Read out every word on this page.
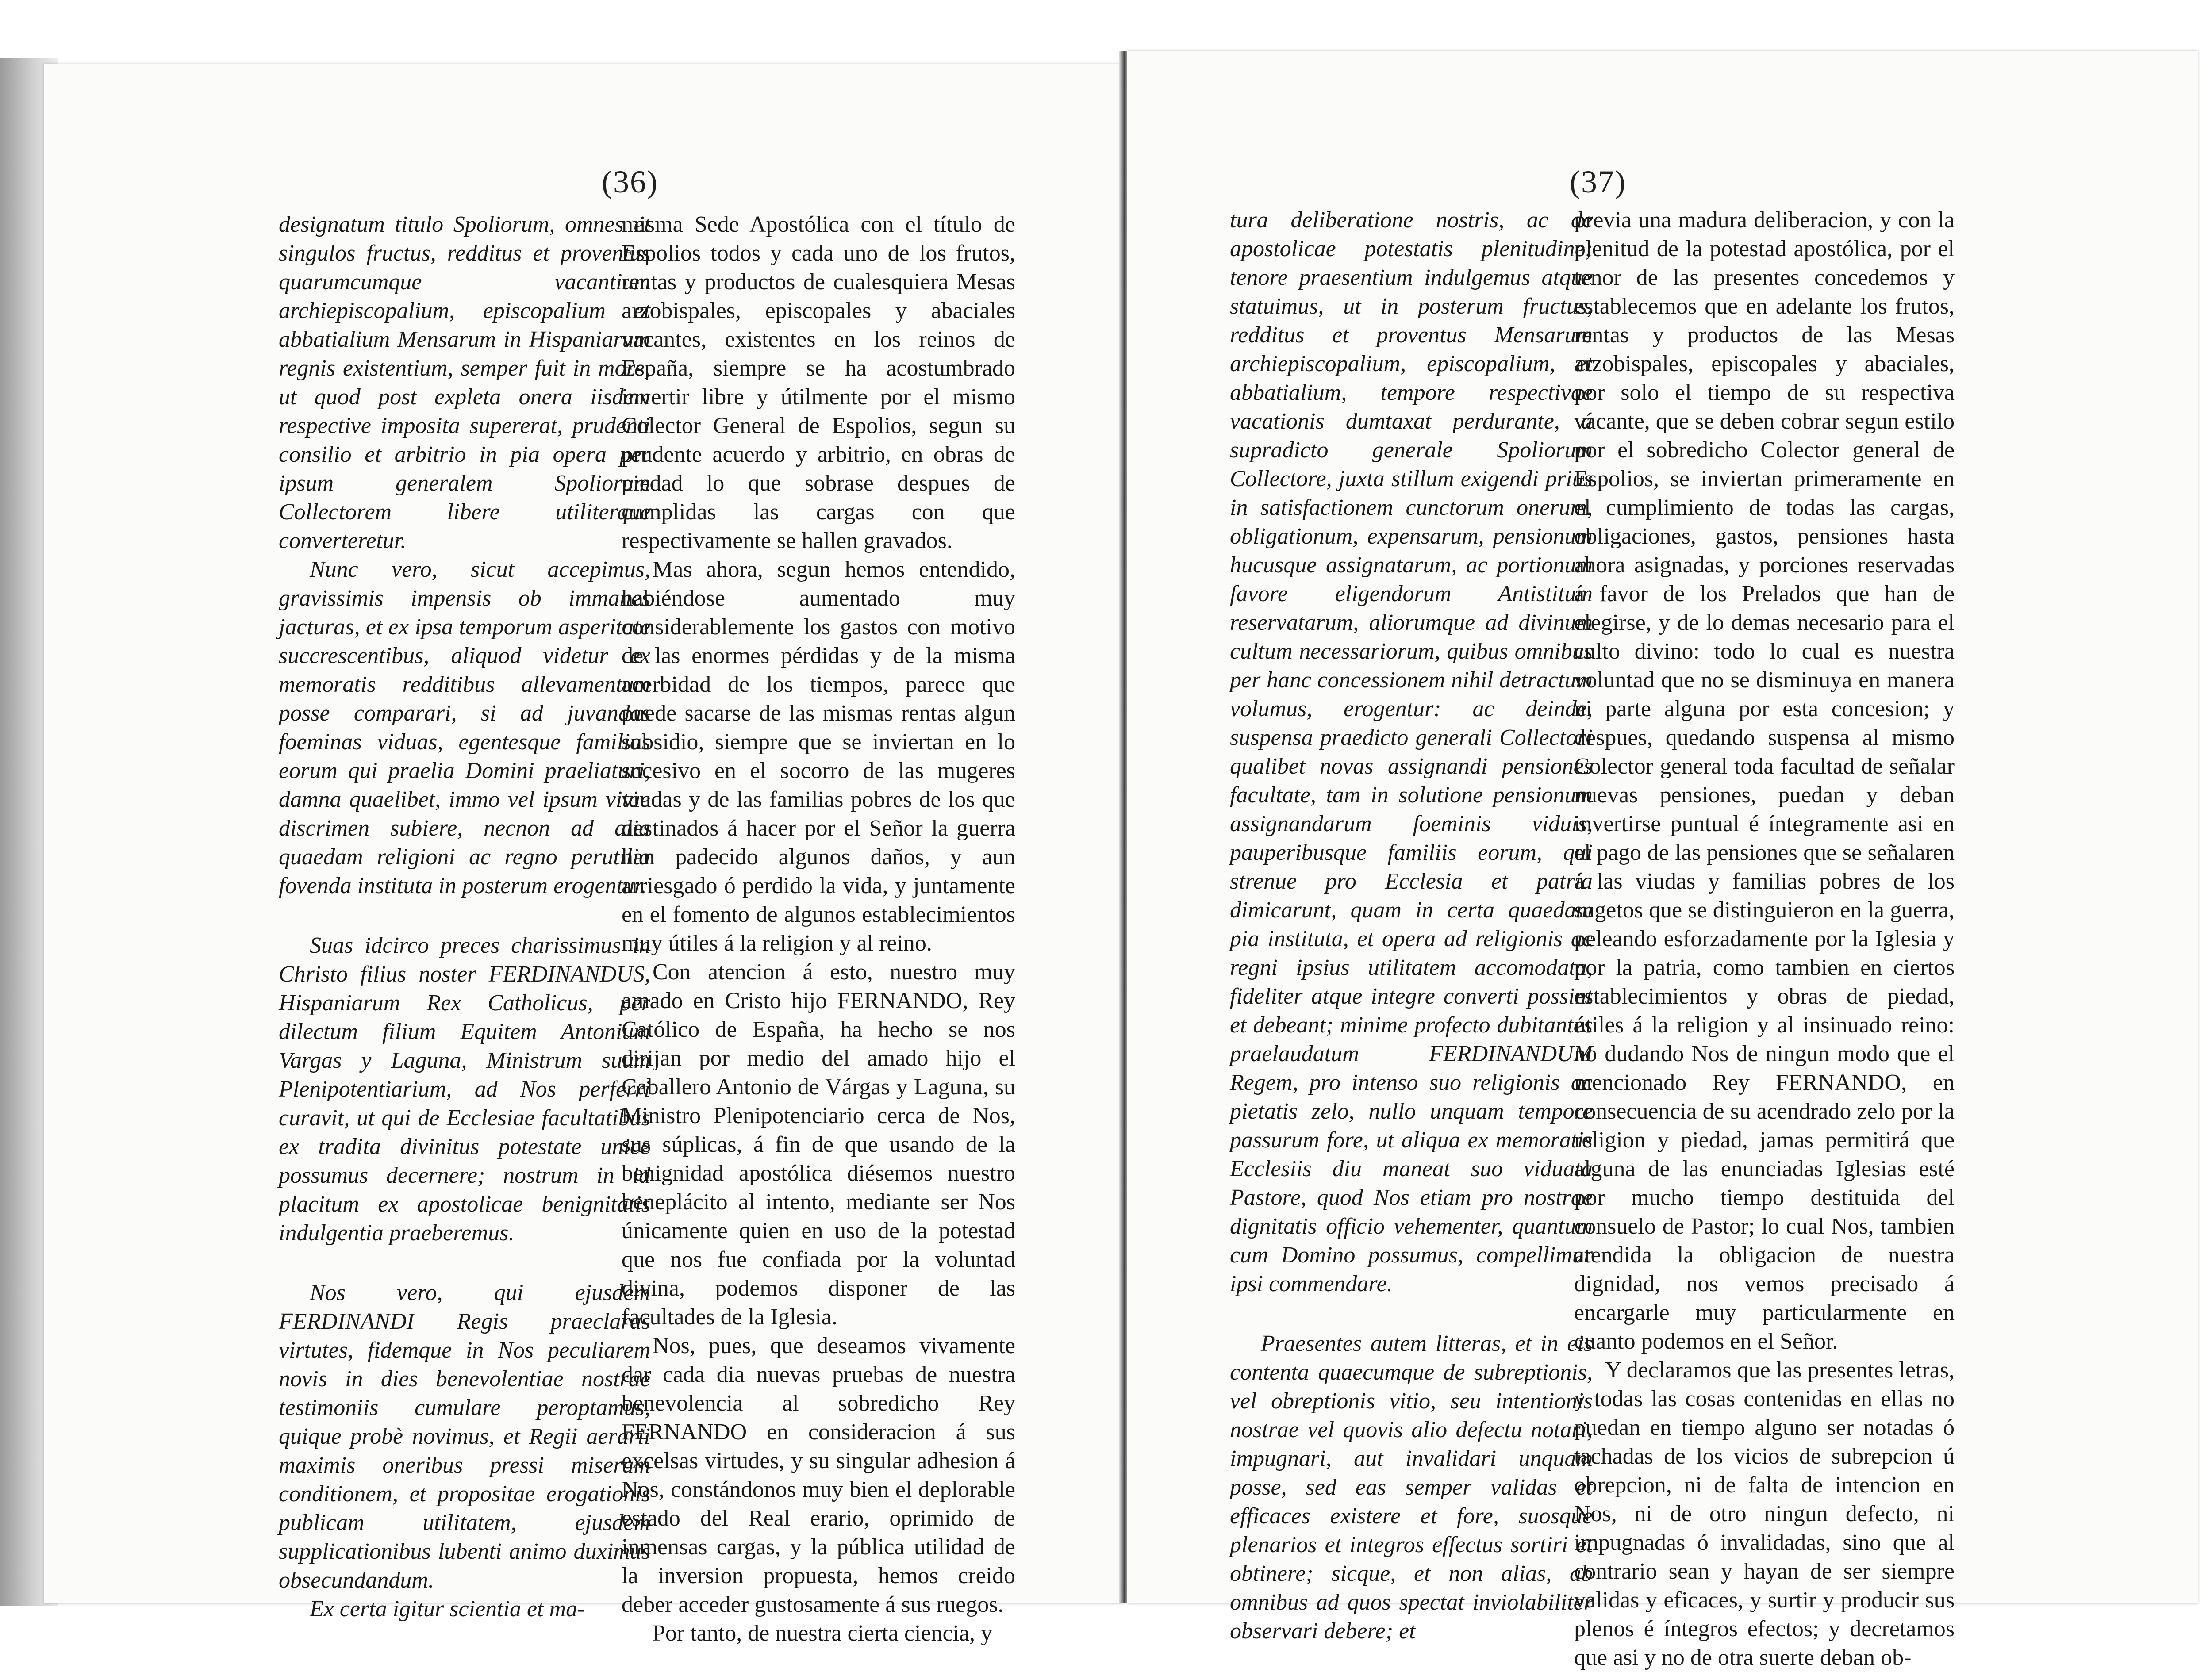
(36)

designatum titulo Spoliorum, omnes et singulos fructus, redditus et proventus quarumcumque vacantium archiepiscopalium, episcopalium et abbatialium Mensarum in Hispaniarum regnis existentium, semper fuit in more, ut quod post expleta onera iisdem respective imposita supererat, prudenti consilio et arbitrio in pia opera per ipsum generalem Spoliorum Collectorem libere utiliterque converteretur.

Nunc vero, sicut accepimus, gravissimis impensis ob immanes jacturas, et ex ipsa temporum asperitate succrescentibus, aliquod videtur ex memoratis redditibus allevamentum posse comparari, si ad juvandas foeminas viduas, egentesque familias eorum qui praelia Domini praeliaturi, damna quaelibet, immo vel ipsum vitae discrimen subiere, necnon ad alia quaedam religioni ac regno perutilia fovenda instituta in posterum erogentur.

Suas idcirco preces charissimus in Christo filius noster FERDINANDUS, Hispaniarum Rex Catholicus, per dilectum filium Equitem Antonium Vargas y Laguna, Ministrum suum Plenipotentiarium, ad Nos perferri curavit, ut qui de Ecclesiae facultatibus ex tradita divinitus potestate unice possumus decernere; nostrum in id placitum ex apostolicae benignitatis indulgentia praeberemus.

Nos vero, qui ejusdem FERDINANDI Regis praeclaras virtutes, fidemque in Nos peculiarem novis in dies benevolentiae nostrae testimoniis cumulare peroptamus, quique probè novimus, et Regii aerarii maximis oneribus pressi miseram conditionem, et propositae erogationis publicam utilitatem, ejusdem supplicationibus lubenti animo duximus obsecundandum.

Ex certa igitur scientia et ma-

misma Sede Apostólica con el título de Espolios todos y cada uno de los frutos, rentas y productos de cualesquiera Mesas arzobispales, episcopales y abaciales vacantes, existentes en los reinos de España, siempre se ha acostumbrado invertir libre y útilmente por el mismo Colector General de Espolios, segun su prudente acuerdo y arbitrio, en obras de piedad lo que sobrase despues de cumplidas las cargas con que respectivamente se hallen gravados.

Mas ahora, segun hemos entendido, habiéndose aumentado muy considerablemente los gastos con motivo de las enormes pérdidas y de la misma acerbidad de los tiempos, parece que puede sacarse de las mismas rentas algun subsidio, siempre que se inviertan en lo sucesivo en el socorro de las mugeres viudas y de las familias pobres de los que destinados á hacer por el Señor la guerra han padecido algunos daños, y aun arriesgado ó perdido la vida, y juntamente en el fomento de algunos establecimientos muy útiles á la religion y al reino.

Con atencion á esto, nuestro muy amado en Cristo hijo FERNANDO, Rey Católico de España, ha hecho se nos dirijan por medio del amado hijo el Caballero Antonio de Várgas y Laguna, su Ministro Plenipotenciario cerca de Nos, sus súplicas, á fin de que usando de la benignidad apostólica diésemos nuestro beneplácito al intento, mediante ser Nos únicamente quien en uso de la potestad que nos fue confiada por la voluntad divina, podemos disponer de las facultades de la Iglesia.

Nos, pues, que deseamos vivamente dar cada dia nuevas pruebas de nuestra benevolencia al sobredicho Rey FERNANDO en consideracion á sus excelsas virtudes, y su singular adhesion á Nos, constándonos muy bien el deplorable estado del Real erario, oprimido de inmensas cargas, y la pública utilidad de la inversion propuesta, hemos creido deber acceder gustosamente á sus ruegos.

Por tanto, de nuestra cierta ciencia, y

(37)

tura deliberatione nostris, ac de apostolicae potestatis plenitudine; tenore praesentium indulgemus atque statuimus, ut in posterum fructus, redditus et proventus Mensarum archiepiscopalium, episcopalium, et abbatialium, tempore respectivae vacationis dumtaxat perdurante, á supradicto generale Spoliorum Collectore, juxta stillum exigendi prius in satisfactionem cunctorum onerum, obligationum, expensarum, pensionum hucusque assignatarum, ac portionum favore eligendorum Antistitum reservatarum, aliorumque ad divinum cultum necessariorum, quibus omnibus per hanc concessionem nihil detractum volumus, erogentur: ac deinde, suspensa praedicto generali Collectori qualibet novas assignandi pensiones facultate, tam in solutione pensionum assignandarum foeminis viduis, pauperibusque familiis eorum, qui strenue pro Ecclesia et patria dimicarunt, quam in certa quaedam pia instituta, et opera ad religionis ac regni ipsius utilitatem accomodata, fideliter atque integre converti possint et debeant; minime profecto dubitantes praelaudatum FERDINANDUM Regem, pro intenso suo religionis ac pietatis zelo, nullo unquam tempore passurum fore, ut aliqua ex memoratis Ecclesiis diu maneat suo viduata Pastore, quod Nos etiam pro nostrae dignitatis officio vehementer, quantum cum Domino possumus, compellimur ipsi commendare.

Praesentes autem litteras, et in eis contenta quaecumque de subreptionis, vel obreptionis vitio, seu intentionis nostrae vel quovis alio defectu notari, impugnari, aut invalidari unquam posse, sed eas semper validas et efficaces existere et fore, suosque plenarios et integros effectus sortiri et obtinere; sicque, et non alias, ab omnibus ad quos spectat inviolabiliter observari debere; et

previa una madura deliberacion, y con la plenitud de la potestad apostólica, por el tenor de las presentes concedemos y establecemos que en adelante los frutos, rentas y productos de las Mesas arzobispales, episcopales y abaciales, por solo el tiempo de su respectiva vacante, que se deben cobrar segun estilo por el sobredicho Colector general de Espolios, se inviertan primeramente en el cumplimiento de todas las cargas, obligaciones, gastos, pensiones hasta ahora asignadas, y porciones reservadas á favor de los Prelados que han de elegirse, y de lo demas necesario para el culto divino: todo lo cual es nuestra voluntad que no se disminuya en manera ni parte alguna por esta concesion; y despues, quedando suspensa al mismo Colector general toda facultad de señalar nuevas pensiones, puedan y deban invertirse puntual é íntegramente asi en el pago de las pensiones que se señalaren á las viudas y familias pobres de los sugetos que se distinguieron en la guerra, peleando esforzadamente por la Iglesia y por la patria, como tambien en ciertos establecimientos y obras de piedad, útiles á la religion y al insinuado reino: no dudando Nos de ningun modo que el mencionado Rey FERNANDO, en consecuencia de su acendrado zelo por la religion y piedad, jamas permitirá que alguna de las enunciadas Iglesias esté por mucho tiempo destituida del consuelo de Pastor; lo cual Nos, tambien atendida la obligacion de nuestra dignidad, nos vemos precisado á encargarle muy particularmente en cuanto podemos en el Señor.

Y declaramos que las presentes letras, y todas las cosas contenidas en ellas no puedan en tiempo alguno ser notadas ó tachadas de los vicios de subrepcion ú obrepcion, ni de falta de intencion en Nos, ni de otro ningun defecto, ni impugnadas ó invalidadas, sino que al contrario sean y hayan de ser siempre validas y eficaces, y surtir y producir sus plenos é íntegros efectos; y decretamos que asi y no de otra suerte deban ob-
